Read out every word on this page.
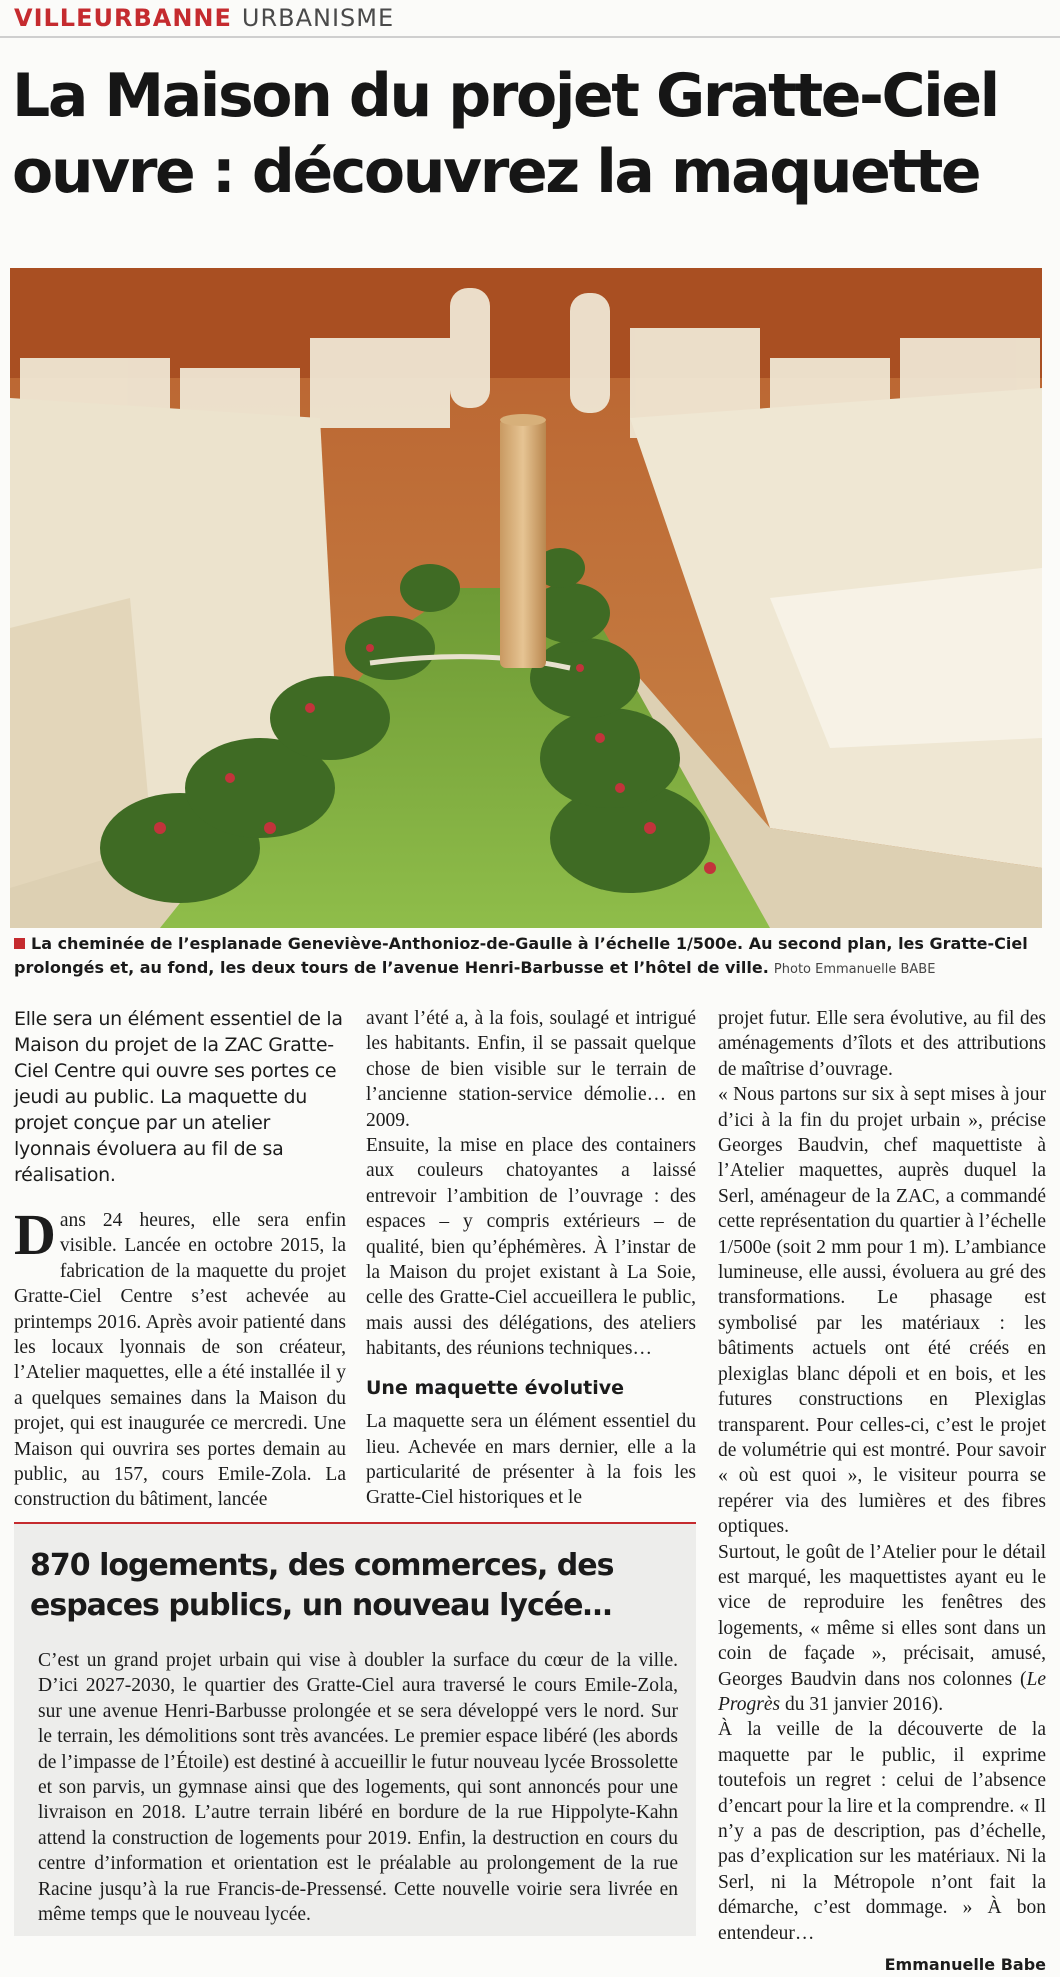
VILLEURBANNE URBANISME
La Maison du projet Gratte-Ciel
ouvre : découvrez la maquette
La cheminée de l’esplanade Geneviève-Anthonioz-de-Gaulle à l’échelle 1/500e. Au second plan, les Gratte-Ciel prolongés et, au fond, les deux tours de l’avenue Henri-Barbusse et l’hôtel de ville. Photo Emmanuelle BABE

Elle sera un élément essentiel de la Maison du projet de la ZAC Gratte-Ciel Centre qui ouvre ses portes ce jeudi au public. La maquette du projet conçue par un atelier lyonnais évoluera au fil de sa réalisation.

Dans 24 heures, elle sera enfin visible. Lancée en octobre 2015, la fabrication de la maquette du projet Gratte-Ciel Centre s’est achevée au printemps 2016. Après avoir patienté dans les locaux lyonnais de son créateur, l’Atelier maquettes, elle a été installée il y a quelques semaines dans la Maison du projet, qui est inaugurée ce mercredi. Une Maison qui ouvrira ses portes demain au public, au 157, cours Emile-Zola. La construction du bâtiment, lancée

avant l’été a, à la fois, soulagé et intrigué les habitants. Enfin, il se passait quelque chose de bien visible sur le terrain de l’ancienne station-service démolie… en 2009.

Ensuite, la mise en place des containers aux couleurs chatoyantes a laissé entrevoir l’ambition de l’ouvrage : des espaces – y compris extérieurs – de qualité, bien qu’éphémères. À l’instar de la Maison du projet existant à La Soie, celle des Gratte-Ciel accueillera le public, mais aussi des délégations, des ateliers habitants, des réunions techniques…

Une maquette évolutive

La maquette sera un élément essentiel du lieu. Achevée en mars dernier, elle a la particularité de présenter à la fois les Gratte-Ciel historiques et le

projet futur. Elle sera évolutive, au fil des aménagements d’îlots et des attributions de maîtrise d’ouvrage.

« Nous partons sur six à sept mises à jour d’ici à la fin du projet urbain », précise Georges Baudvin, chef maquettiste à l’Atelier maquettes, auprès duquel la Serl, aménageur de la ZAC, a commandé cette représentation du quartier à l’échelle 1/500e (soit 2 mm pour 1 m). L’ambiance lumineuse, elle aussi, évoluera au gré des transformations. Le phasage est symbolisé par les matériaux : les bâtiments actuels ont été créés en plexiglas blanc dépoli et en bois, et les futures constructions en Plexiglas transparent. Pour celles-ci, c’est le projet de volumétrie qui est montré. Pour savoir « où est quoi », le visiteur pourra se repérer via des lumières et des fibres optiques.

Surtout, le goût de l’Atelier pour le détail est marqué, les maquettistes ayant eu le vice de reproduire les fenêtres des logements, « même si elles sont dans un coin de façade », précisait, amusé, Georges Baudvin dans nos colonnes (Le Progrès du 31 janvier 2016).

À la veille de la découverte de la maquette par le public, il exprime toutefois un regret : celui de l’absence d’encart pour la lire et la comprendre. « Il n’y a pas de description, pas d’échelle, pas d’explication sur les matériaux. Ni la Serl, ni la Métropole n’ont fait la démarche, c’est dommage. » À bon entendeur…

Emmanuelle Babe

870 logements, des commerces, des espaces publics, un nouveau lycée…

C’est un grand projet urbain qui vise à doubler la surface du cœur de la ville. D’ici 2027-2030, le quartier des Gratte-Ciel aura traversé le cours Emile-Zola, sur une avenue Henri-Barbusse prolongée et se sera développé vers le nord. Sur le terrain, les démolitions sont très avancées. Le premier espace libéré (les abords de l’impasse de l’Étoile) est destiné à accueillir le futur nouveau lycée Brossolette et son parvis, un gymnase ainsi que des logements, qui sont annoncés pour une livraison en 2018. L’autre terrain libéré en bordure de la rue Hippolyte-Kahn attend la construction de logements pour 2019. Enfin, la destruction en cours du centre d’information et orientation est le préalable au prolongement de la rue Racine jusqu’à la rue Francis-de-Pressensé. Cette nouvelle voirie sera livrée en même temps que le nouveau lycée.
